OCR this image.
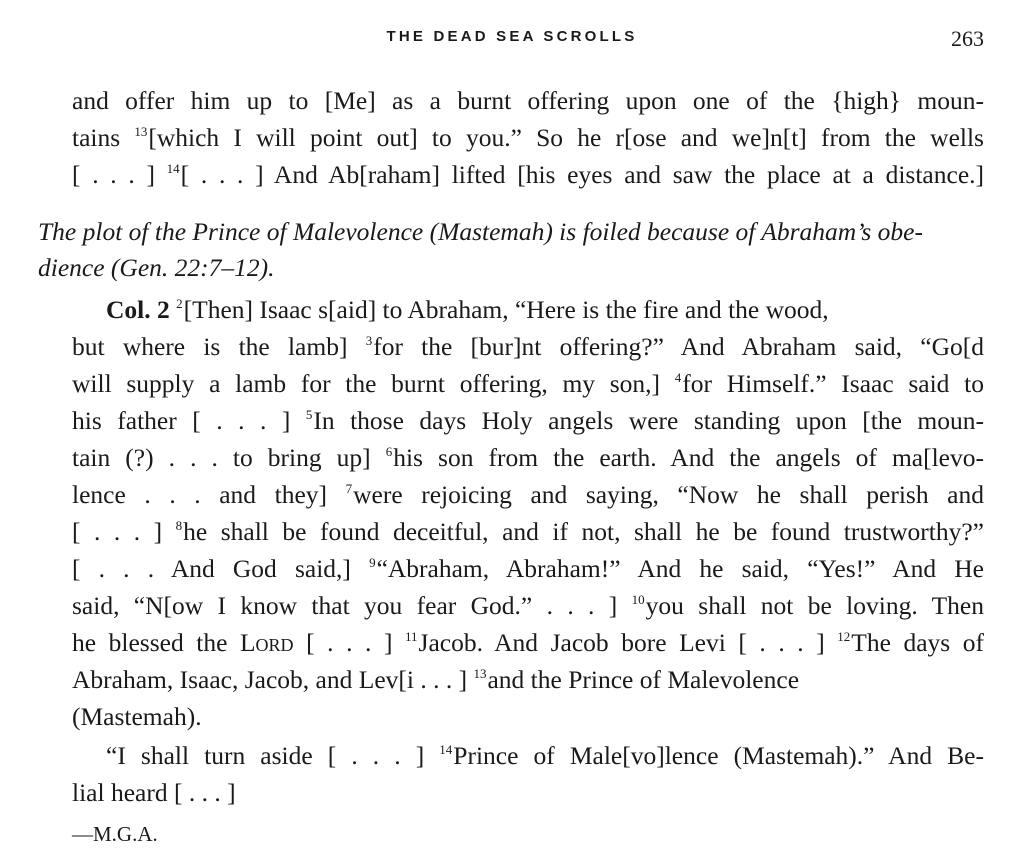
THE DEAD SEA SCROLLS	263
and offer him up to [Me] as a burnt offering upon one of the {high} moun-
tains $^{13}$[which I will point out] to you.” So he r[ose and we]n[t] from the wells
[ . . . ] $^{14}$[ . . . ] And Ab[raham] lifted [his eyes and saw the place at a distance.]
The plot of the Prince of Malevolence (Mastemah) is foiled because of Abraham’s obe-
dience (Gen. 22:7–12).
Col. 2 $^2$[Then] Isaac s[aid] to Abraham, “Here is the fire and the wood,
but where is the lamb] $^3$for the [bur]nt offering?” And Abraham said, “Go[d
will supply a lamb for the burnt offering, my son,] $^4$for Himself.” Isaac said to
his father [ . . . ] $^5$In those days Holy angels were standing upon [the moun-
tain (?) . . . to bring up] $^6$his son from the earth. And the angels of ma[levo-
lence . . . and they] $^7$were rejoicing and saying, “Now he shall perish and
[ . . . ] $^8$he shall be found deceitful, and if not, shall he be found trustworthy?”
[ . . . And God said,] $^9$“Abraham, Abraham!” And he said, “Yes!” And He
said, “N[ow I know that you fear God.” . . . ] $^{10}$you shall not be loving. Then
he blessed the Lord [ . . . ] $^{11}$Jacob. And Jacob bore Levi [ . . . ] $^{12}$The days of
Abraham, Isaac, Jacob, and Lev[i . . . ] $^{13}$and the Prince of Malevolence
(Mastemah).
“I shall turn aside [ . . . ] $^{14}$Prince of Male[vo]lence (Mastemah).” And Be-
lial heard [ . . . ]
—M.G.A.
